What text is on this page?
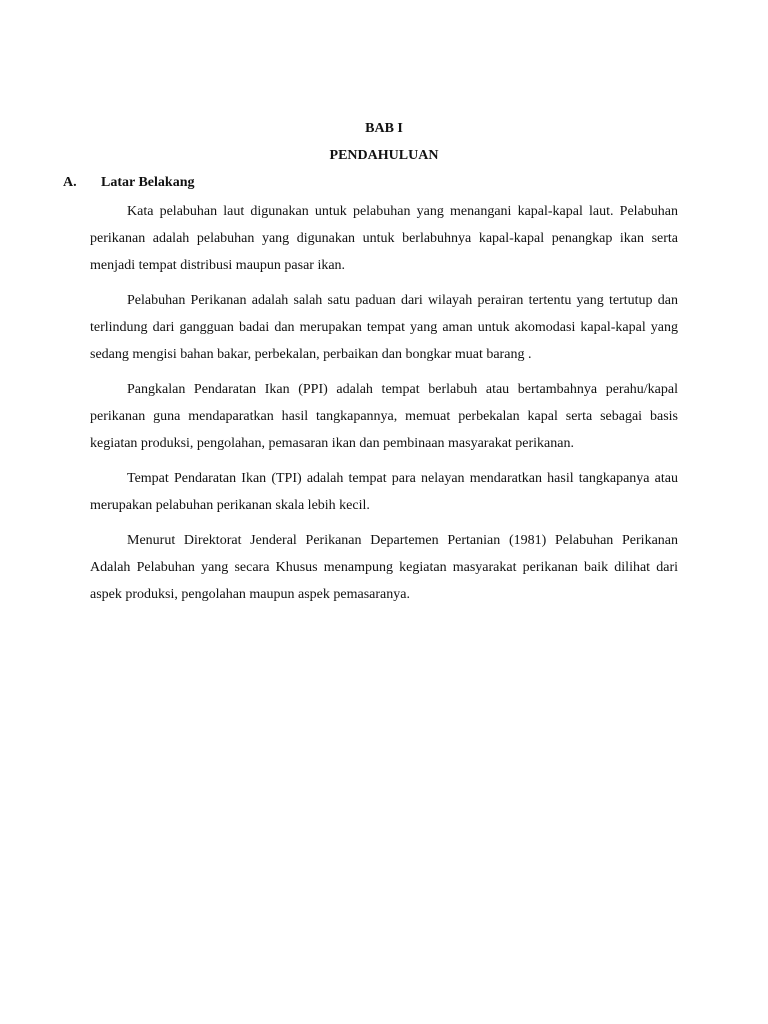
BAB I
PENDAHULUAN
A. Latar Belakang

Kata pelabuhan laut digunakan untuk pelabuhan yang menangani kapal-kapal laut. Pelabuhan perikanan adalah pelabuhan yang digunakan untuk berlabuhnya kapal-kapal penangkap ikan serta menjadi tempat distribusi maupun pasar ikan.

Pelabuhan Perikanan adalah salah satu paduan dari wilayah perairan tertentu yang tertutup dan terlindung dari gangguan badai dan merupakan tempat yang aman untuk akomodasi kapal-kapal yang sedang mengisi bahan bakar, perbekalan, perbaikan dan bongkar muat barang .

Pangkalan Pendaratan Ikan (PPI) adalah tempat berlabuh atau bertambahnya perahu/kapal perikanan guna mendaparatkan hasil tangkapannya, memuat perbekalan kapal serta sebagai basis kegiatan produksi, pengolahan, pemasaran ikan dan pembinaan masyarakat perikanan.

Tempat Pendaratan Ikan (TPI) adalah tempat para nelayan mendaratkan hasil tangkapanya atau merupakan pelabuhan perikanan skala lebih kecil.

Menurut Direktorat Jenderal Perikanan Departemen Pertanian (1981) Pelabuhan Perikanan Adalah Pelabuhan yang secara Khusus menampung kegiatan masyarakat perikanan baik dilihat dari aspek produksi, pengolahan maupun aspek pemasaranya.
